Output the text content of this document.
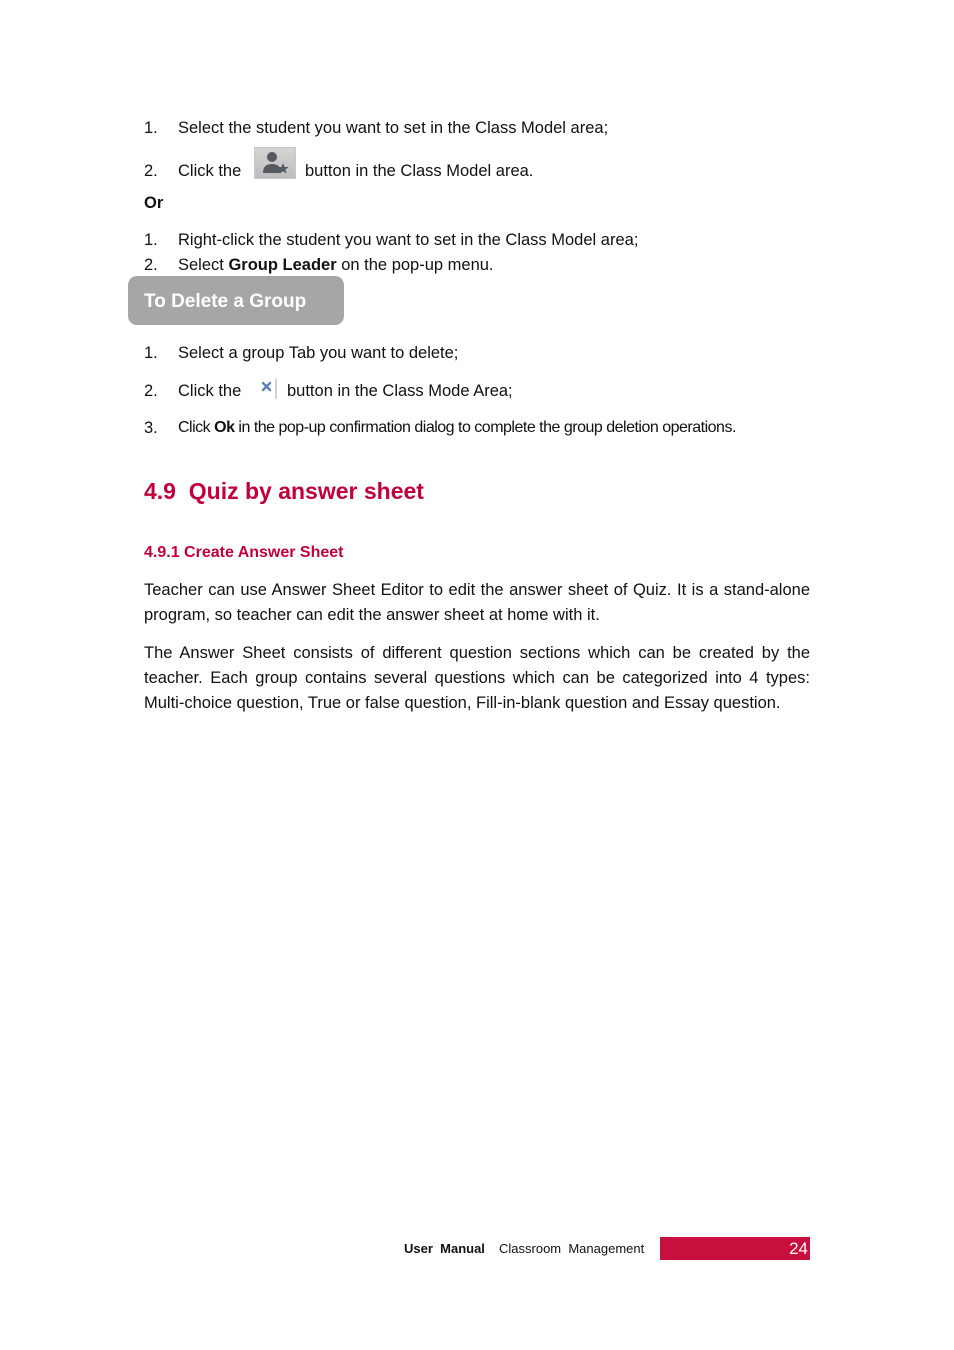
1. Select the student you want to set in the Class Model area;
2. Click the	button in the Class Model area.
Or
1. Right-click the student you want to set in the Class Model area;
2. Select Group Leader on the pop-up menu.
To Delete a Group
1. Select a group Tab you want to delete;
2. Click the	button in the Class Mode Area;
3. Click Ok in the pop-up confirmation dialog to complete the group deletion operations.
4.9  Quiz by answer sheet
4.9.1 Create Answer Sheet
Teacher can use Answer Sheet Editor to edit the answer sheet of Quiz. It is a stand-alone program, so teacher can edit the answer sheet at home with it.
The Answer Sheet consists of different question sections which can be created by the teacher. Each group contains several questions which can be categorized into 4 types: Multi-choice question, True or false question, Fill-in-blank question and Essay question.
User  Manual Classroom  Management	24
